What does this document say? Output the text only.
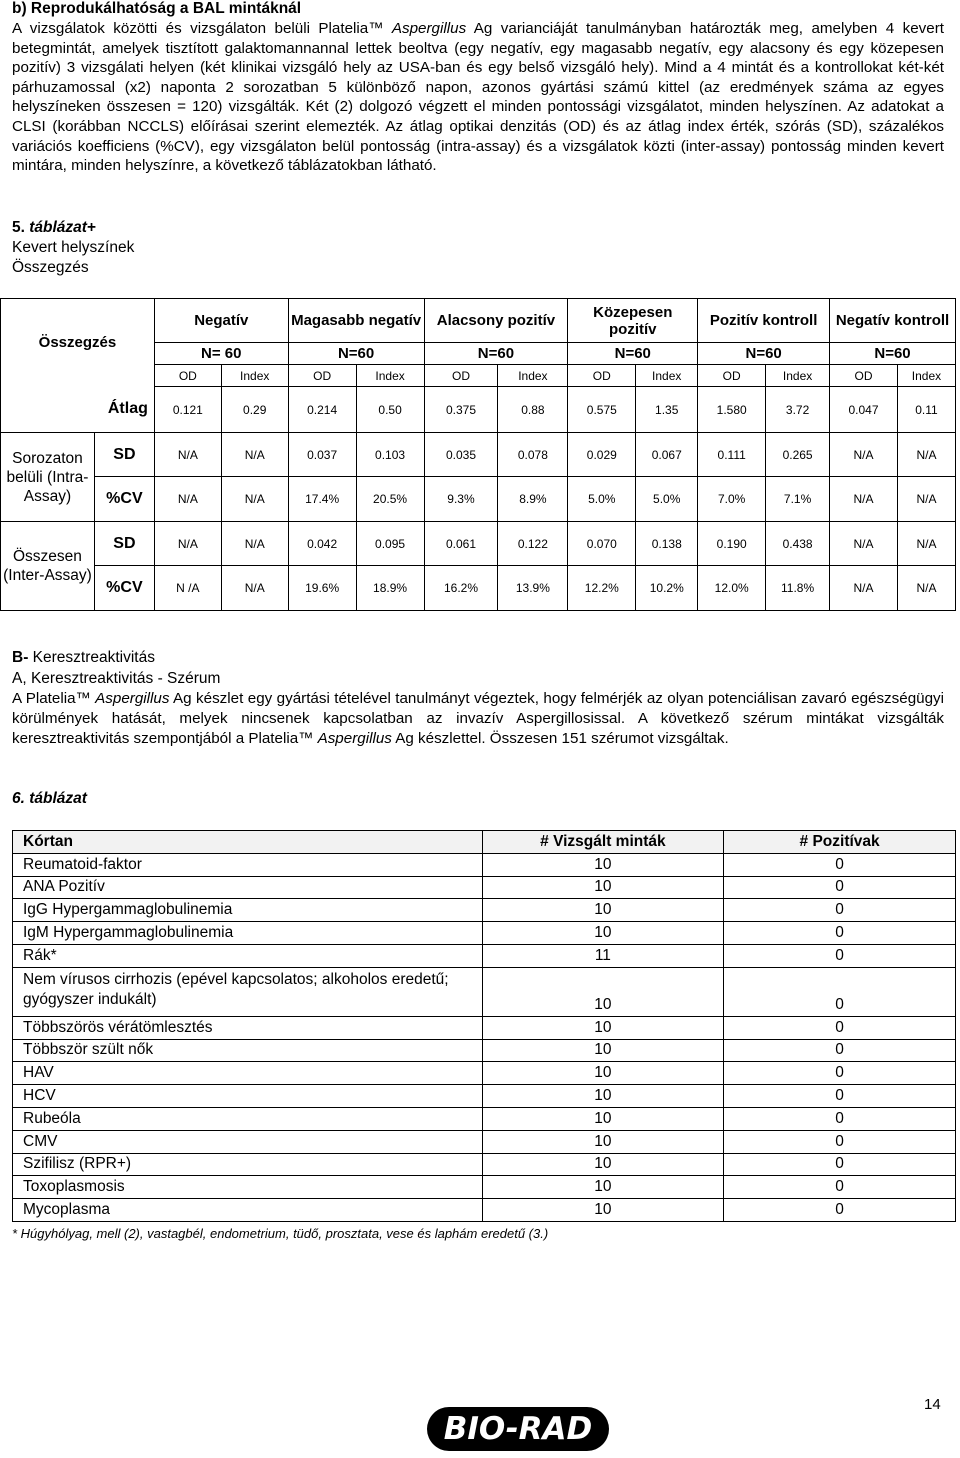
b) Reprodukálhatóság a BAL mintáknál
A vizsgálatok közötti és vizsgálaton belüli Platelia™ Aspergillus Ag varianciáját tanulmányban határozták meg, amelyben 4 kevert betegmintát, amelyek tisztított galaktomannannal lettek beoltva (egy negatív, egy magasabb negatív, egy alacsony és egy közepesen pozitív) 3 vizsgálati helyen (két klinikai vizsgáló hely az USA-ban és egy belső vizsgáló hely). Mind a 4 mintát és a kontrollokat két-két párhuzamossal (x2) naponta 2 sorozatban 5 különböző napon, azonos gyártási számú kittel (az eredmények száma az egyes helyszíneken összesen = 120) vizsgálták. Két (2) dolgozó végzett el minden pontossági vizsgálatot, minden helyszínen. Az adatokat a CLSI (korábban NCCLS) előírásai szerint elemezték. Az átlag optikai denzitás (OD) és az átlag index érték, szórás (SD), százalékos variációs koefficiens (%CV), egy vizsgálaton belül pontosság (intra-assay) és a vizsgálatok közti (inter-assay) pontosság minden kevert mintára, minden helyszínre, a következő táblázatokban látható.
5. táblázat+
Kevert helyszínek
Összegzés
Összegzés		Negatív		Magasabb negatív		Alacsony pozitív		Közepesen pozitív		Pozitív kontroll		Negatív kontroll	
		N= 60		N=60		N=60		N=60		N=60		N=60	
		OD	Index	OD	Index	OD	Index	OD	Index	OD	Index	OD	Index
Átlag		0.121	0.29	0.214	0.50	0.375	0.88	0.575	1.35	1.580	3.72	0.047	0.11
Sorozaton belüli (Intra-Assay)	SD	N/A	N/A	0.037	0.103	0.035	0.078	0.029	0.067	0.111	0.265	N/A	N/A
	%CV	N/A	N/A	17.4%	20.5%	9.3%	8.9%	5.0%	5.0%	7.0%	7.1%	N/A	N/A
Összesen (Inter-Assay)	SD	N/A	N/A	0.042	0.095	0.061	0.122	0.070	0.138	0.190	0.438	N/A	N/A
	%CV	N /A	N/A	19.6%	18.9%	16.2%	13.9%	12.2%	10.2%	12.0%	11.8%	N/A	N/A
B- Keresztreaktivitás
A, Keresztreaktivitás - Szérum
A Platelia™ Aspergillus Ag készlet egy gyártási tételével tanulmányt végeztek, hogy felmérjék az olyan potenciálisan zavaró egészségügyi körülmények hatását, melyek nincsenek kapcsolatban az invazív Aspergillosissal. A következő szérum mintákat vizsgálták keresztreaktivitás szempontjából a Platelia™ Aspergillus Ag készlettel. Összesen 151 szérumot vizsgáltak.
6. táblázat
Kórtan	# Vizsgált minták	# Pozitívak
Reumatoid-faktor	10	0
ANA Pozitív	10	0
IgG Hypergammaglobulinemia	10	0
IgM Hypergammaglobulinemia	10	0
Rák*	11	0
Nem vírusos cirrhozis (epével kapcsolatos; alkoholos eredetű; gyógyszer indukált)	10	0
Többszörös vérátömlesztés	10	0
Többször szült nők	10	0
HAV	10	0
HCV	10	0
Rubeóla	10	0
CMV	10	0
Szifilisz (RPR+)	10	0
Toxoplasmosis	10	0
Mycoplasma	10	0
* Húgyhólyag, mell (2), vastagbél, endometrium, tüdő, prosztata, vese és laphám eredetű (3.)
14
BIO-RAD
